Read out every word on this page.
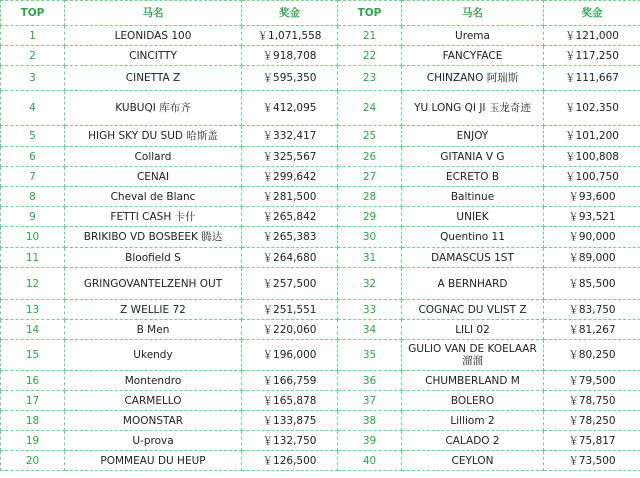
TOP	马名	奖金	TOP	马名	奖金
1	LEONIDAS 100	￥1,071,558	21	Urema	￥121,000
2	CINCITTY	￥918,708	22	FANCYFACE	￥117,250
3	CINETTA Z	￥595,350	23	CHINZANO 阿瑞斯	￥111,667
4	KUBUQI 库布齐	￥412,095	24	YU LONG QI JI 玉龙奇迹	￥102,350
5	HIGH SKY DU SUD 哈斯盖	￥332,417	25	ENJOY	￥101,200
6	Collard	￥325,567	26	GITANIA V G	￥100,808
7	CENAI	￥299,642	27	ECRETO B	￥100,750
8	Cheval de Blanc	￥281,500	28	Baltinue	￥93,600
9	FETTI CASH 卡什	￥265,842	29	UNIEK	￥93,521
10	BRIKIBO VD BOSBEEK 腾达	￥265,383	30	Quentino 11	￥90,000
11	Bloofield S	￥264,680	31	DAMASCUS 1ST	￥89,000
12	GRINGOVANTELZENH OUT	￥257,500	32	A BERNHARD	￥85,500
13	Z WELLIE 72	￥251,551	33	COGNAC DU VLIST Z	￥83,750
14	B Men	￥220,060	34	LILI 02	￥81,267
15	Ukendy	￥196,000	35	GULIO VAN DE KOELAAR 溜溜	￥80,250
16	Montendro	￥166,759	36	CHUMBERLAND M	￥79,500
17	CARMELLO	￥165,878	37	BOLERO	￥78,750
18	MOONSTAR	￥133,875	38	Lilliom 2	￥78,250
19	U-prova	￥132,750	39	CALADO 2	￥75,817
20	POMMEAU DU HEUP	￥126,500	40	CEYLON	￥73,500
